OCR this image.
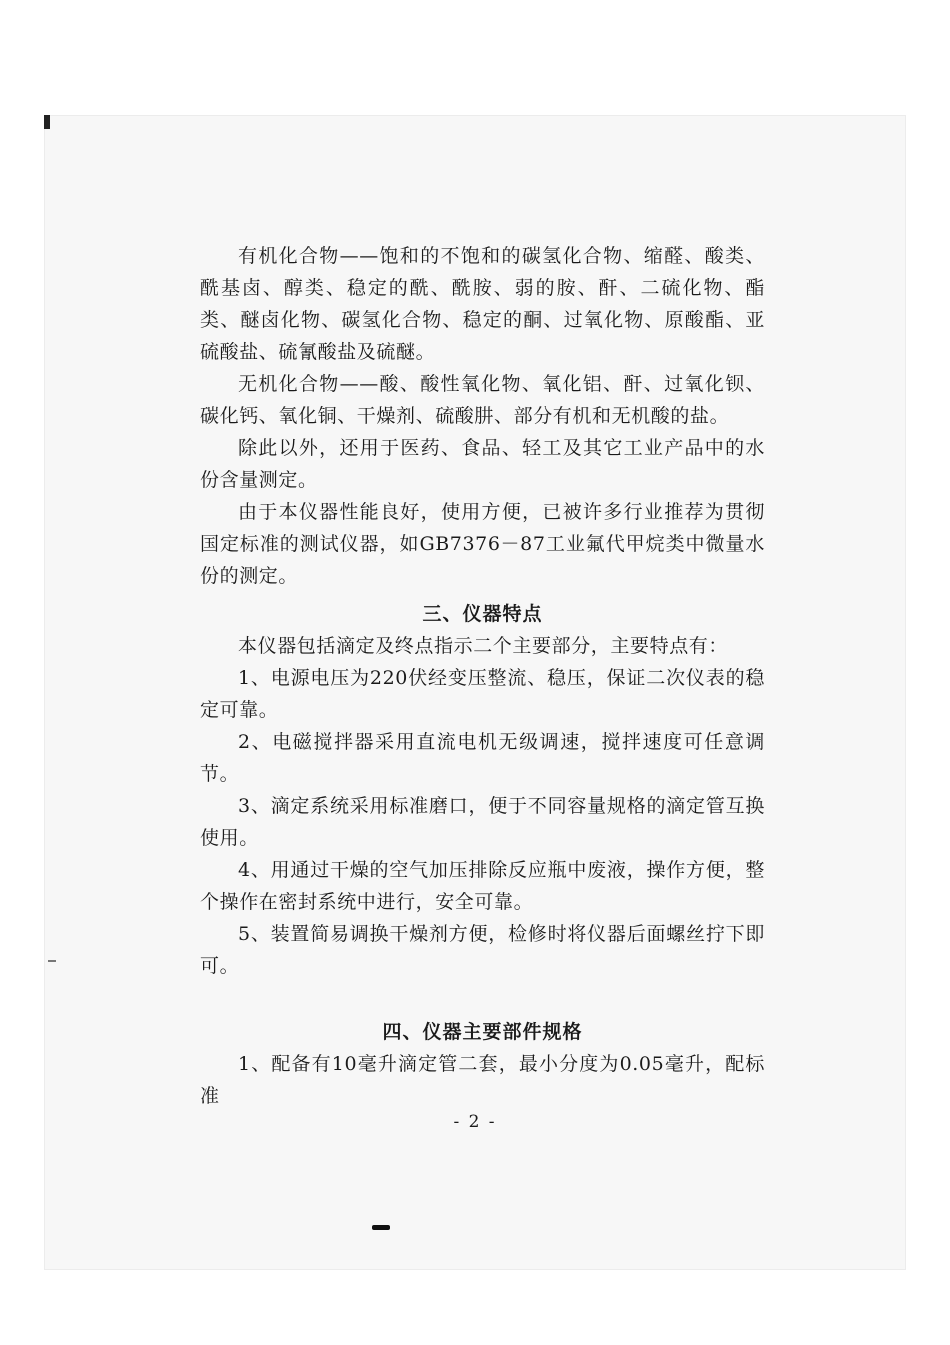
有机化合物——饱和的不饱和的碳氢化合物、缩醛、酸类、酰基卤、醇类、稳定的酰、酰胺、弱的胺、酐、二硫化物、酯类、醚卤化物、碳氢化合物、稳定的酮、过氧化物、原酸酯、亚硫酸盐、硫氰酸盐及硫醚。

无机化合物——酸、酸性氧化物、氧化铝、酐、过氧化钡、碳化钙、氧化铜、干燥剂、硫酸肼、部分有机和无机酸的盐。

除此以外，还用于医药、食品、轻工及其它工业产品中的水份含量测定。

由于本仪器性能良好，使用方便，已被许多行业推荐为贯彻国定标准的测试仪器，如GB7376－87工业氟代甲烷类中微量水份的测定。

三、仪器特点

本仪器包括滴定及终点指示二个主要部分，主要特点有：

1、电源电压为220伏经变压整流、稳压，保证二次仪表的稳定可靠。

2、电磁搅拌器采用直流电机无级调速，搅拌速度可任意调节。

3、滴定系统采用标准磨口，便于不同容量规格的滴定管互换使用。

4、用通过干燥的空气加压排除反应瓶中废液，操作方便，整个操作在密封系统中进行，安全可靠。

5、装置简易调换干燥剂方便，检修时将仪器后面螺丝拧下即可。

四、仪器主要部件规格

1、配备有10毫升滴定管二套，最小分度为0.05毫升，配标准

- 2 -
